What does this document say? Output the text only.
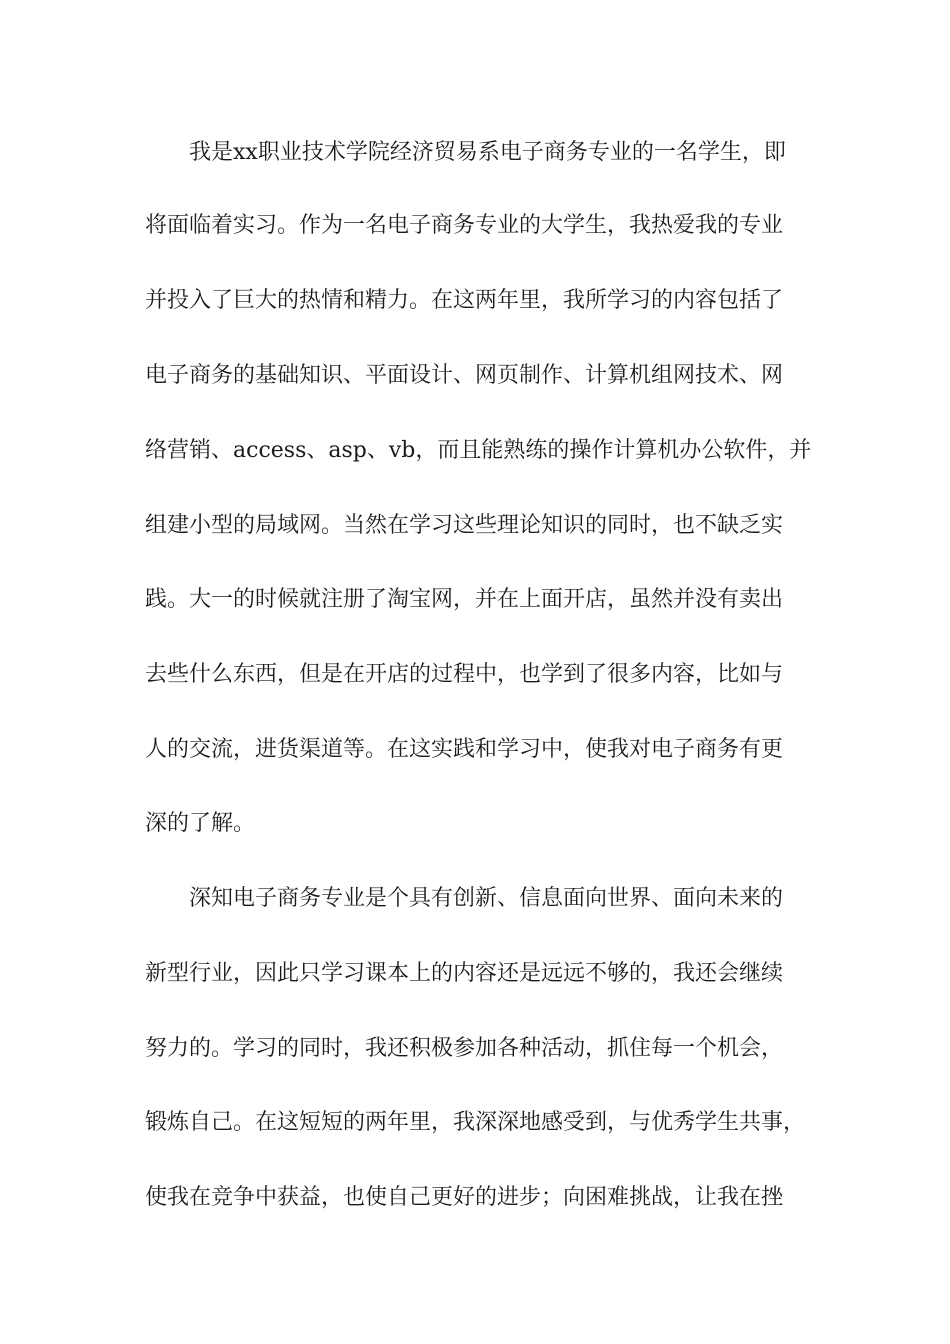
我是xx职业技术学院经济贸易系电子商务专业的一名学生，即
将面临着实习。作为一名电子商务专业的大学生，我热爱我的专业
并投入了巨大的热情和精力。在这两年里，我所学习的内容包括了
电子商务的基础知识、平面设计、网页制作、计算机组网技术、网
络营销、access、asp、vb，而且能熟练的操作计算机办公软件，并
组建小型的局域网。当然在学习这些理论知识的同时，也不缺乏实
践。大一的时候就注册了淘宝网，并在上面开店，虽然并没有卖出
去些什么东西，但是在开店的过程中，也学到了很多内容，比如与
人的交流，进货渠道等。在这实践和学习中，使我对电子商务有更
深的了解。
深知电子商务专业是个具有创新、信息面向世界、面向未来的
新型行业，因此只学习课本上的内容还是远远不够的，我还会继续
努力的。学习的同时，我还积极参加各种活动，抓住每一个机会，
锻炼自己。在这短短的两年里，我深深地感受到，与优秀学生共事，
使我在竞争中获益，也使自己更好的进步；向困难挑战，让我在挫
